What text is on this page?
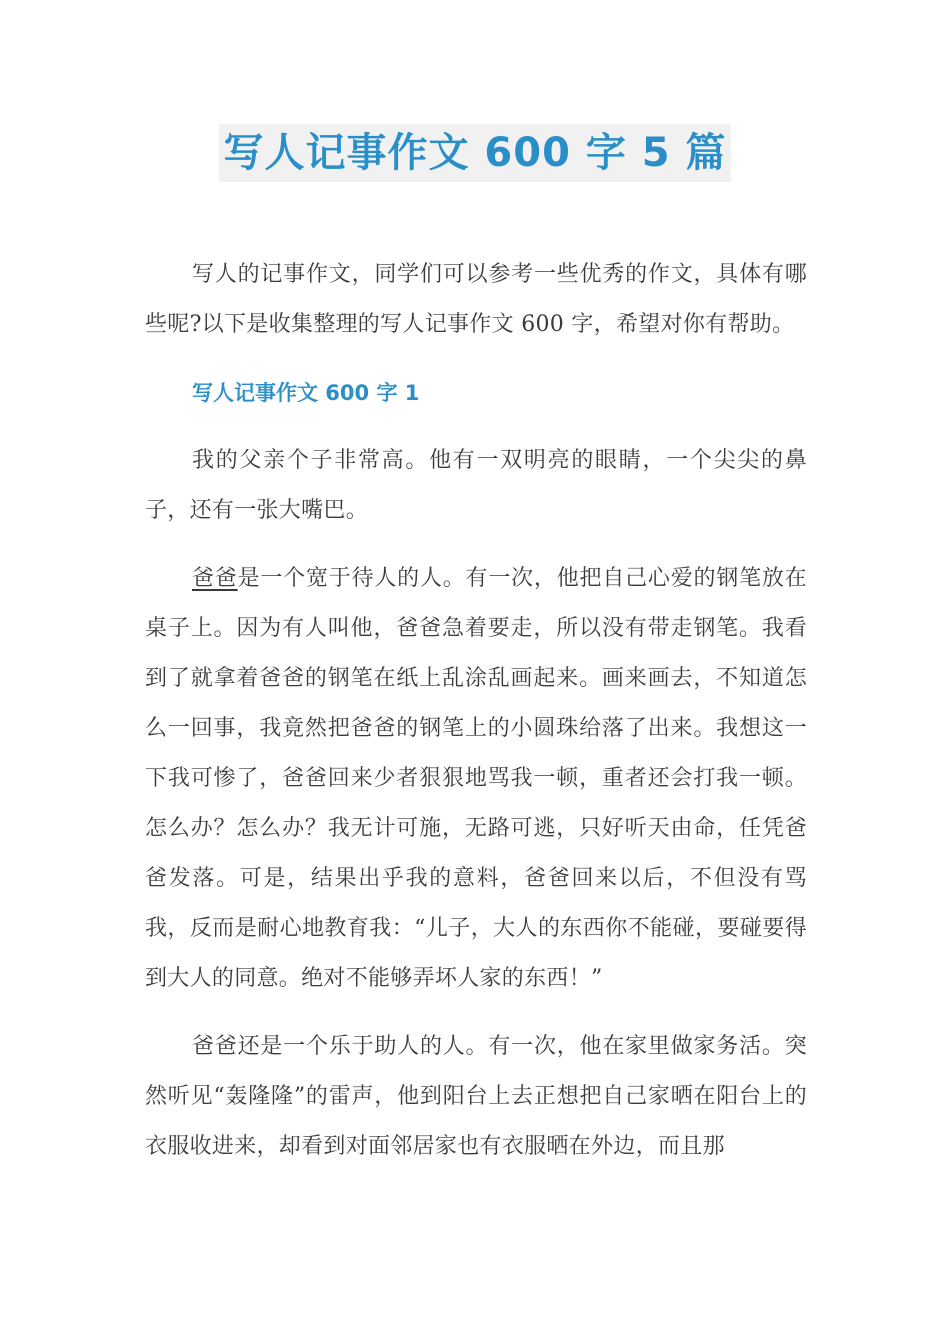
写人记事作文 600 字 5 篇

写人的记事作文，同学们可以参考一些优秀的作文，具体有哪些呢?以下是收集整理的写人记事作文 600 字，希望对你有帮助。

写人记事作文 600 字 1

我的父亲个子非常高。他有一双明亮的眼睛，一个尖尖的鼻子，还有一张大嘴巴。

爸爸是一个宽于待人的人。有一次，他把自己心爱的钢笔放在桌子上。因为有人叫他，爸爸急着要走，所以没有带走钢笔。我看到了就拿着爸爸的钢笔在纸上乱涂乱画起来。画来画去，不知道怎么一回事，我竟然把爸爸的钢笔上的小圆珠给落了出来。我想这一下我可惨了，爸爸回来少者狠狠地骂我一顿，重者还会打我一顿。怎么办？怎么办？我无计可施，无路可逃，只好听天由命，任凭爸爸发落。可是，结果出乎我的意料，爸爸回来以后，不但没有骂我，反而是耐心地教育我：“儿子，大人的东西你不能碰，要碰要得到大人的同意。绝对不能够弄坏人家的东西！”

爸爸还是一个乐于助人的人。有一次，他在家里做家务活。突然听见“轰隆隆”的雷声，他到阳台上去正想把自己家晒在阳台上的衣服收进来，却看到对面邻居家也有衣服晒在外边，而且那
